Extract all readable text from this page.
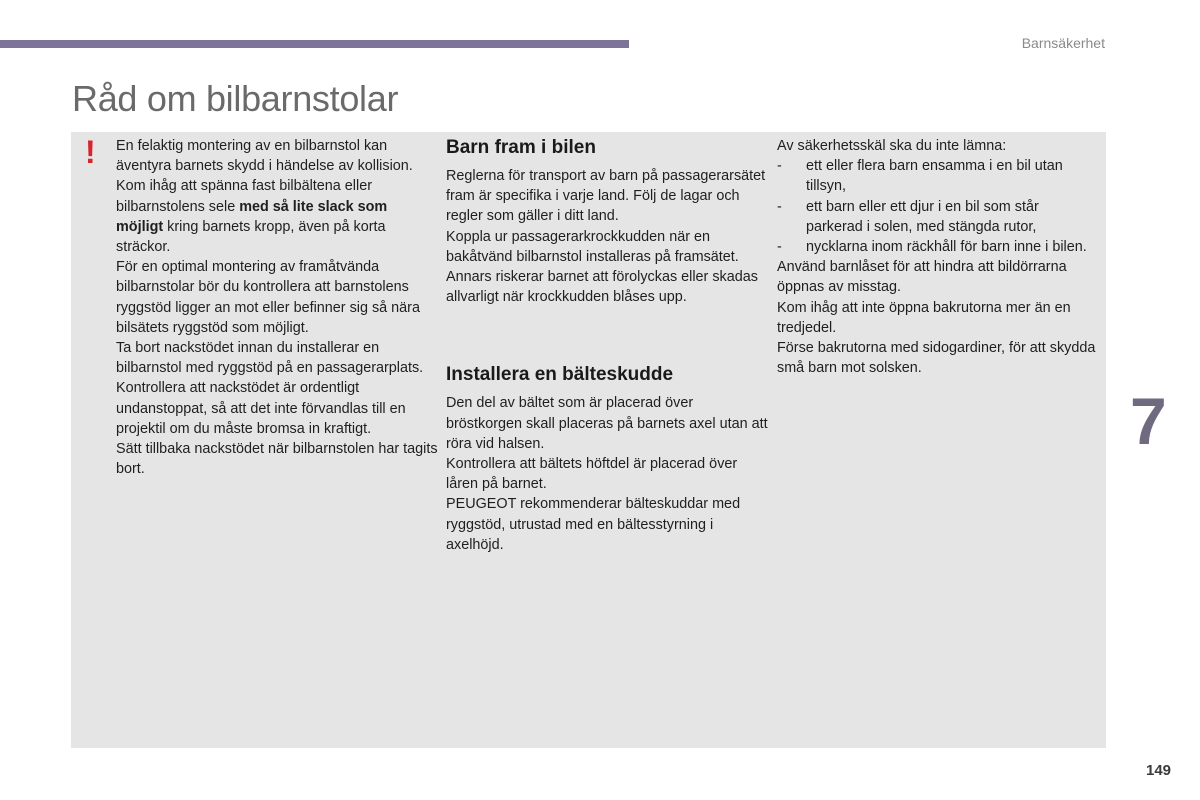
Barnsäkerhet
Råd om bilbarnstolar
! En felaktig montering av en bilbarnstol kan äventyra barnets skydd i händelse av kollision.

Kom ihåg att spänna fast bilbältena eller bilbarnstolens sele med så lite slack som möjligt kring barnets kropp, även på korta sträckor.

För en optimal montering av framåtvända bilbarnstolar bör du kontrollera att barnstolens ryggstöd ligger an mot eller befinner sig så nära bilsätets ryggstöd som möjligt.

Ta bort nackstödet innan du installerar en bilbarnstol med ryggstöd på en passagerarplats.

Kontrollera att nackstödet är ordentligt undanstoppat, så att det inte förvandlas till en projektil om du måste bromsa in kraftigt.

Sätt tillbaka nackstödet när bilbarnstolen har tagits bort.

Barn fram i bilen

Reglerna för transport av barn på passagerarsätet fram är specifika i varje land. Följ de lagar och regler som gäller i ditt land.

Koppla ur passagerarkrockkudden när en bakåtvänd bilbarnstol installeras på framsätet. Annars riskerar barnet att förolyckas eller skadas allvarligt när krockkudden blåses upp.

Installera en bälteskudde

Den del av bältet som är placerad över bröstkorgen skall placeras på barnets axel utan att röra vid halsen.

Kontrollera att bältets höftdel är placerad över låren på barnet.

PEUGEOT rekommenderar bälteskuddar med ryggstöd, utrustad med en bältesstyrning i axelhöjd.

Av säkerhetsskäl ska du inte lämna:

- ett eller flera barn ensamma i en bil utan tillsyn,
- ett barn eller ett djur i en bil som står parkerad i solen, med stängda rutor,
- nycklarna inom räckhåll för barn inne i bilen.

Använd barnlåset för att hindra att bildörrarna öppnas av misstag.

Kom ihåg att inte öppna bakrutorna mer än en tredjedel.

Förse bakrutorna med sidogardiner, för att skydda små barn mot solsken.

7
149
